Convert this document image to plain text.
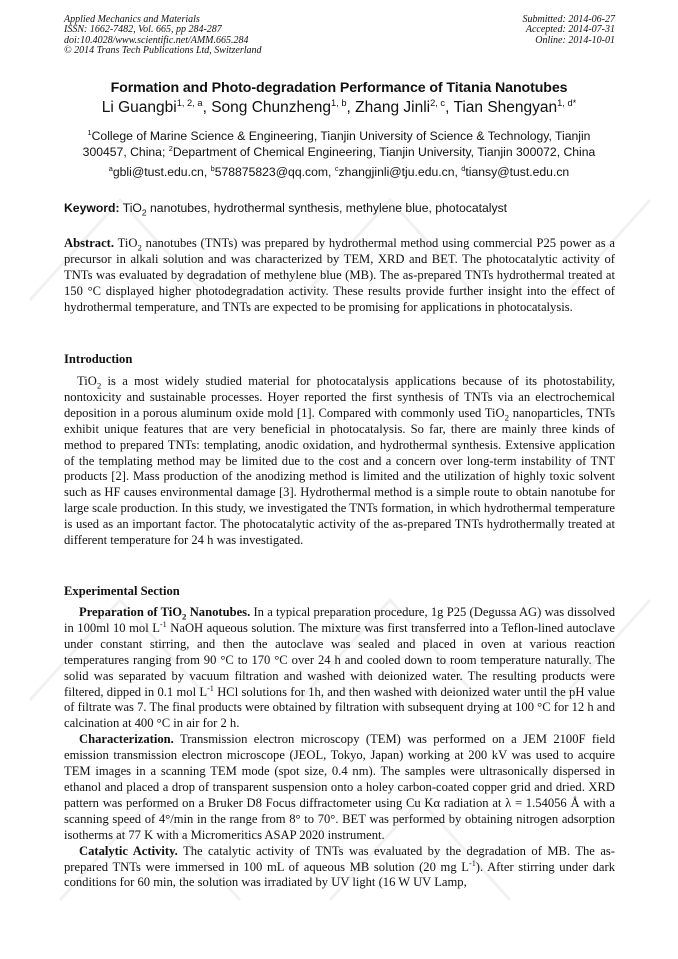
Applied Mechanics and Materials
ISSN: 1662-7482, Vol. 665, pp 284-287
doi:10.4028/www.scientific.net/AMM.665.284
© 2014 Trans Tech Publications Ltd, Switzerland
Submitted: 2014-06-27
Accepted: 2014-07-31
Online: 2014-10-01
Formation and Photo-degradation Performance of Titania Nanotubes
Li Guangbi$^{1, 2, a}$, Song Chunzheng$^{1, b}$, Zhang Jinli$^{2, c}$, Tian Shengyan$^{1, d*}$
$^1$College of Marine Science & Engineering, Tianjin University of Science & Technology, Tianjin 300457, China; $^2$Department of Chemical Engineering, Tianjin University, Tianjin 300072, China
$^a$gbli@tust.edu.cn, $^b$578875823@qq.com, $^c$zhangjinli@tju.edu.cn, $^d$tiansy@tust.edu.cn
Keyword: TiO$_2$ nanotubes, hydrothermal synthesis, methylene blue, photocatalyst
Abstract. TiO$_2$ nanotubes (TNTs) was prepared by hydrothermal method using commercial P25 power as a precursor in alkali solution and was characterized by TEM, XRD and BET. The photocatalytic activity of TNTs was evaluated by degradation of methylene blue (MB). The as-prepared TNTs hydrothermal treated at 150 °C displayed higher photodegradation activity. These results provide further insight into the effect of hydrothermal temperature, and TNTs are expected to be promising for applications in photocatalysis.
Introduction
TiO$_2$ is a most widely studied material for photocatalysis applications because of its photostability, nontoxicity and sustainable processes. Hoyer reported the first synthesis of TNTs via an electrochemical deposition in a porous aluminum oxide mold [1]. Compared with commonly used TiO$_2$ nanoparticles, TNTs exhibit unique features that are very beneficial in photocatalysis. So far, there are mainly three kinds of method to prepared TNTs: templating, anodic oxidation, and hydrothermal synthesis. Extensive application of the templating method may be limited due to the cost and a concern over long-term instability of TNT products [2]. Mass production of the anodizing method is limited and the utilization of highly toxic solvent such as HF causes environmental damage [3]. Hydrothermal method is a simple route to obtain nanotube for large scale production. In this study, we investigated the TNTs formation, in which hydrothermal temperature is used as an important factor. The photocatalytic activity of the as-prepared TNTs hydrothermally treated at different temperature for 24 h was investigated.
Experimental Section

Preparation of TiO$_2$ Nanotubes. In a typical preparation procedure, 1g P25 (Degussa AG) was dissolved in 100ml 10 mol $L^{-1}$ NaOH aqueous solution. The mixture was first transferred into a Teflon-lined autoclave under constant stirring, and then the autoclave was sealed and placed in oven at various reaction temperatures ranging from 90 °C to 170 °C over 24 h and cooled down to room temperature naturally. The solid was separated by vacuum filtration and washed with deionized water. The resulting products were filtered, dipped in 0.1 mol $L^{-1}$ HCl solutions for 1h, and then washed with deionized water until the pH value of filtrate was 7. The final products were obtained by filtration with subsequent drying at 100 °C for 12 h and calcination at 400 °C in air for 2 h.

Characterization. Transmission electron microscopy (TEM) was performed on a JEM 2100F field emission transmission electron microscope (JEOL, Tokyo, Japan) working at 200 kV was used to acquire TEM images in a scanning TEM mode (spot size, 0.4 nm). The samples were ultrasonically dispersed in ethanol and placed a drop of transparent suspension onto a holey carbon-coated copper grid and dried. XRD pattern was performed on a Bruker D8 Focus diffractometer using Cu Kα radiation at λ = 1.54056 Å with a scanning speed of 4°/min in the range from 8° to 70°. BET was performed by obtaining nitrogen adsorption isotherms at 77 K with a Micromeritics ASAP 2020 instrument.

Catalytic Activity. The catalytic activity of TNTs was evaluated by the degradation of MB. The as-prepared TNTs were immersed in 100 mL of aqueous MB solution (20 mg $L^{-1}$). After stirring under dark conditions for 60 min, the solution was irradiated by UV light (16 W UV Lamp,
